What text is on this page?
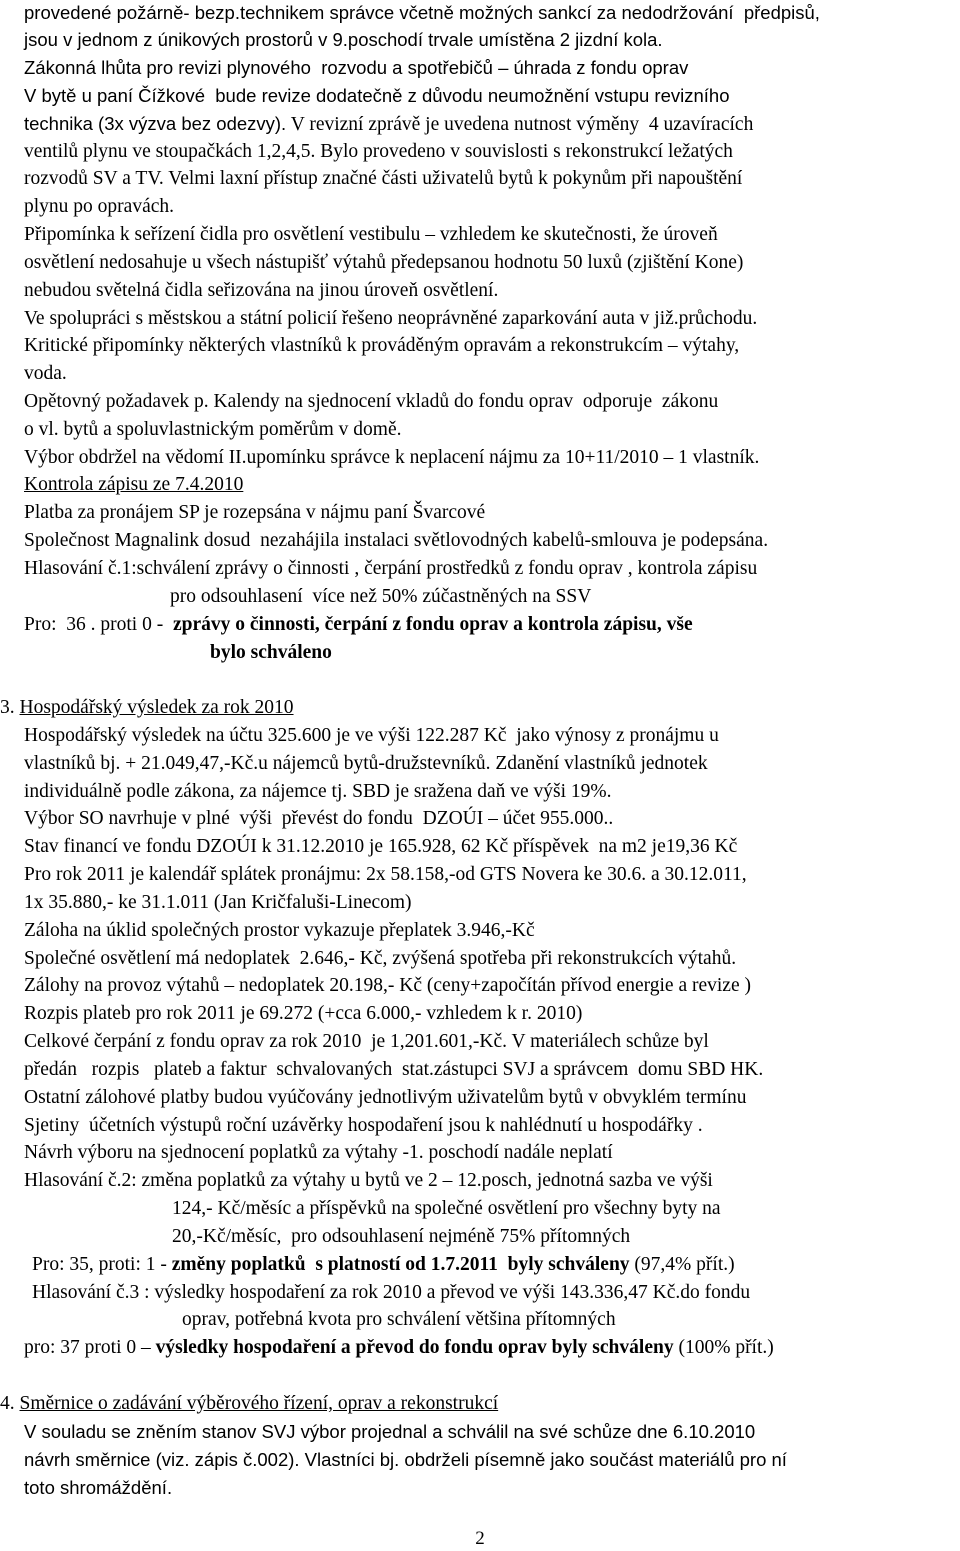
provedené požárně- bezp.technikem správce včetně možných sankcí za nedodržování  předpisů,
jsou v jednom z únikových prostorů v 9.poschodí trvale umístěna 2 jizdní kola.
Zákonná lhůta pro revizi plynového  rozvodu a spotřebičů – úhrada z fondu oprav
V bytě u paní Čížkové  bude revize dodatečně z důvodu neumožnění vstupu revizního
technika (3x výzva bez odezvy). V revizní zprávě je uvedena nutnost výměny  4 uzavíracích
ventilů plynu ve stoupačkách 1,2,4,5. Bylo provedeno v souvislosti s rekonstrukcí ležatých
rozvodů SV a TV. Velmi laxní přístup značné části uživatelů bytů k pokynům při napouštění
plynu po opravách.
Připomínka k seřízení čidla pro osvětlení vestibulu – vzhledem ke skutečnosti, že úroveň
osvětlení nedosahuje u všech nástupišť výtahů předepsanou hodnotu 50 luxů (zjištění Kone)
nebudou světelná čidla seřizována na jinou úroveň osvětlení.
Ve spolupráci s městskou a státní policií řešeno neoprávněné zaparkování auta v již.průchodu.
Kritické připomínky některých vlastníků k prováděným opravám a rekonstrukcím – výtahy,
voda.
Opětovný požadavek p. Kalendy na sjednocení vkladů do fondu oprav  odporuje  zákonu
o vl. bytů a spoluvlastnickým poměrům v domě.
Výbor obdržel na vědomí II.upomínku správce k neplacení nájmu za 10+11/2010 – 1 vlastník.
Kontrola zápisu ze 7.4.2010
Platba za pronájem SP je rozepsána v nájmu paní Švarcové
Společnost Magnalink dosud  nezahájila instalaci světlovodných kabelů-smlouva je podepsána.
Hlasování č.1:schválení zprávy o činnosti , čerpání prostředků z fondu oprav , kontrola zápisu
pro odsouhlasení  více než 50% zúčastněných na SSV
Pro:  36 . proti 0 -  zprávy o činnosti, čerpání z fondu oprav a kontrola zápisu, vše
bylo schváleno
3. Hospodářský výsledek za rok 2010
Hospodářský výsledek na účtu 325.600 je ve výši 122.287 Kč  jako výnosy z pronájmu u
vlastníků bj. + 21.049,47,-Kč.u nájemců bytů-družstevníků. Zdanění vlastníků jednotek
individuálně podle zákona, za nájemce tj. SBD je sražena daň ve výši 19%.
Výbor SO navrhuje v plné  výši  převést do fondu  DZOÚI – účet 955.000..
Stav financí ve fondu DZOÚI k 31.12.2010 je 165.928, 62 Kč příspěvek  na m2 je19,36 Kč
Pro rok 2011 je kalendář splátek pronájmu: 2x 58.158,-od GTS Novera ke 30.6. a 30.12.011,
1x 35.880,- ke 31.1.011 (Jan Kričfaluši-Linecom)
Záloha na úklid společných prostor vykazuje přeplatek 3.946,-Kč
Společné osvětlení má nedoplatek  2.646,- Kč, zvýšená spotřeba při rekonstrukcích výtahů.
Zálohy na provoz výtahů – nedoplatek 20.198,- Kč (ceny+započítán přívod energie a revize )
Rozpis plateb pro rok 2011 je 69.272 (+cca 6.000,- vzhledem k r. 2010)
Celkové čerpání z fondu oprav za rok 2010  je 1,201.601,-Kč. V materiálech schůze byl
předán   rozpis   plateb a faktur  schvalovaných  stat.zástupci SVJ a správcem  domu SBD HK.
Ostatní zálohové platby budou vyúčovány jednotlivým uživatelům bytů v obvyklém termínu
Sjetiny  účetních výstupů roční uzávěrky hospodaření jsou k nahlédnutí u hospodářky .
Návrh výboru na sjednocení poplatků za výtahy -1. poschodí nadále neplatí
Hlasování č.2: změna poplatků za výtahy u bytů ve 2 – 12.posch, jednotná sazba ve výši
124,- Kč/měsíc a příspěvků na společné osvětlení pro všechny byty na
20,-Kč/měsíc,  pro odsouhlasení nejméně 75% přítomných
Pro: 35, proti: 1 - změny poplatků  s platností od 1.7.2011  byly schváleny (97,4% přít.)
Hlasování č.3 : výsledky hospodaření za rok 2010 a převod ve výši 143.336,47 Kč.do fondu
oprav, potřebná kvota pro schválení většina přítomných
pro: 37 proti 0 – výsledky hospodaření a převod do fondu oprav byly schváleny (100% přít.)
4. Směrnice o zadávání výběrového řízení, oprav a rekonstrukcí
V souladu se zněním stanov SVJ výbor projednal a schválil na své schůze dne 6.10.2010
návrh směrnice (viz. zápis č.002). Vlastníci bj. obdrželi písemně jako součást materiálů pro ní
toto shromáždění.
2
